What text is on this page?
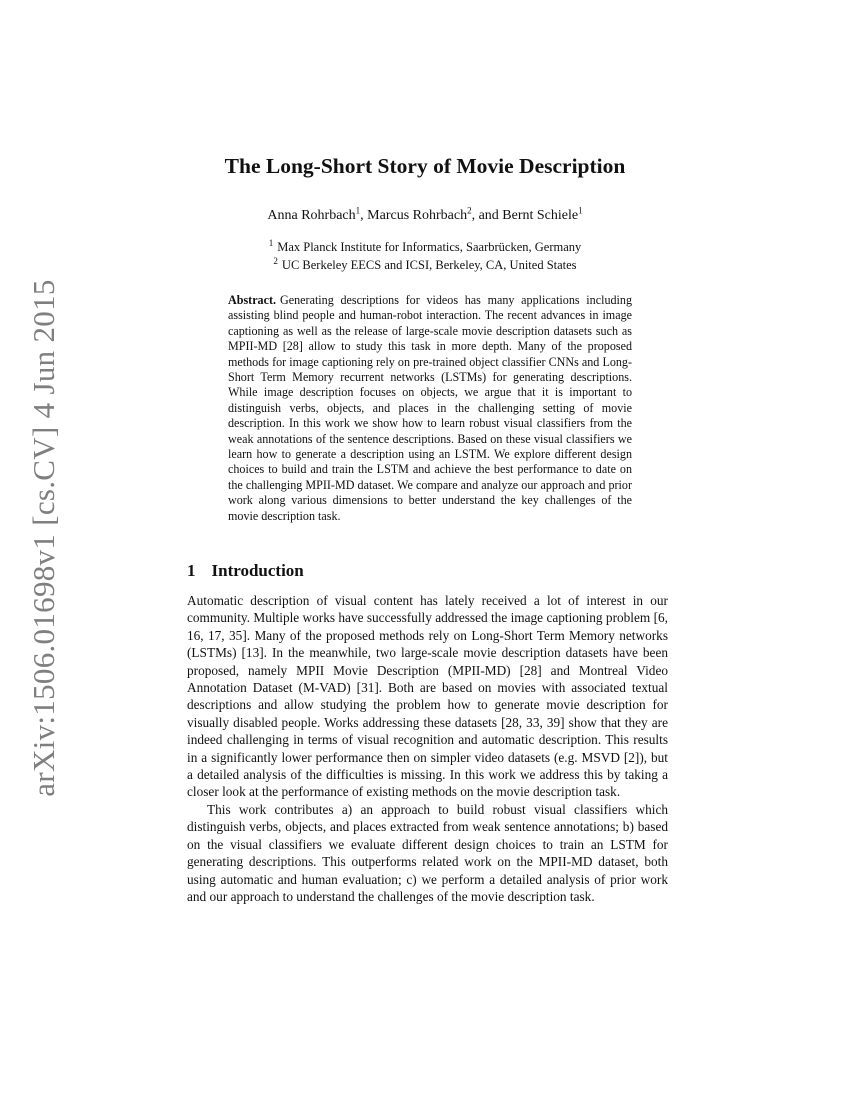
arXiv:1506.01698v1 [cs.CV] 4 Jun 2015
The Long-Short Story of Movie Description
Anna Rohrbach$^1$, Marcus Rohrbach$^2$, and Bernt Schiele$^1$
$^1$ Max Planck Institute for Informatics, Saarbrücken, Germany
$^2$ UC Berkeley EECS and ICSI, Berkeley, CA, United States

Abstract. Generating descriptions for videos has many applications including assisting blind people and human-robot interaction. The recent advances in image captioning as well as the release of large-scale movie description datasets such as MPII-MD [28] allow to study this task in more depth. Many of the proposed methods for image captioning rely on pre-trained object classifier CNNs and Long-Short Term Memory recurrent networks (LSTMs) for generating descriptions. While image description focuses on objects, we argue that it is important to distinguish verbs, objects, and places in the challenging setting of movie description. In this work we show how to learn robust visual classifiers from the weak annotations of the sentence descriptions. Based on these visual classifiers we learn how to generate a description using an LSTM. We explore different design choices to build and train the LSTM and achieve the best performance to date on the challenging MPII-MD dataset. We compare and analyze our approach and prior work along various dimensions to better understand the key challenges of the movie description task.

1 Introduction

Automatic description of visual content has lately received a lot of interest in our community. Multiple works have successfully addressed the image captioning problem [6, 16, 17, 35]. Many of the proposed methods rely on Long-Short Term Memory networks (LSTMs) [13]. In the meanwhile, two large-scale movie description datasets have been proposed, namely MPII Movie Description (MPII-MD) [28] and Montreal Video Annotation Dataset (M-VAD) [31]. Both are based on movies with associated textual descriptions and allow studying the problem how to generate movie description for visually disabled people. Works addressing these datasets [28, 33, 39] show that they are indeed challenging in terms of visual recognition and automatic description. This results in a significantly lower performance then on simpler video datasets (e.g. MSVD [2]), but a detailed analysis of the difficulties is missing. In this work we address this by taking a closer look at the performance of existing methods on the movie description task.

This work contributes a) an approach to build robust visual classifiers which distinguish verbs, objects, and places extracted from weak sentence annotations; b) based on the visual classifiers we evaluate different design choices to train an LSTM for generating descriptions. This outperforms related work on the MPII-MD dataset, both using automatic and human evaluation; c) we perform a detailed analysis of prior work and our approach to understand the challenges of the movie description task.
